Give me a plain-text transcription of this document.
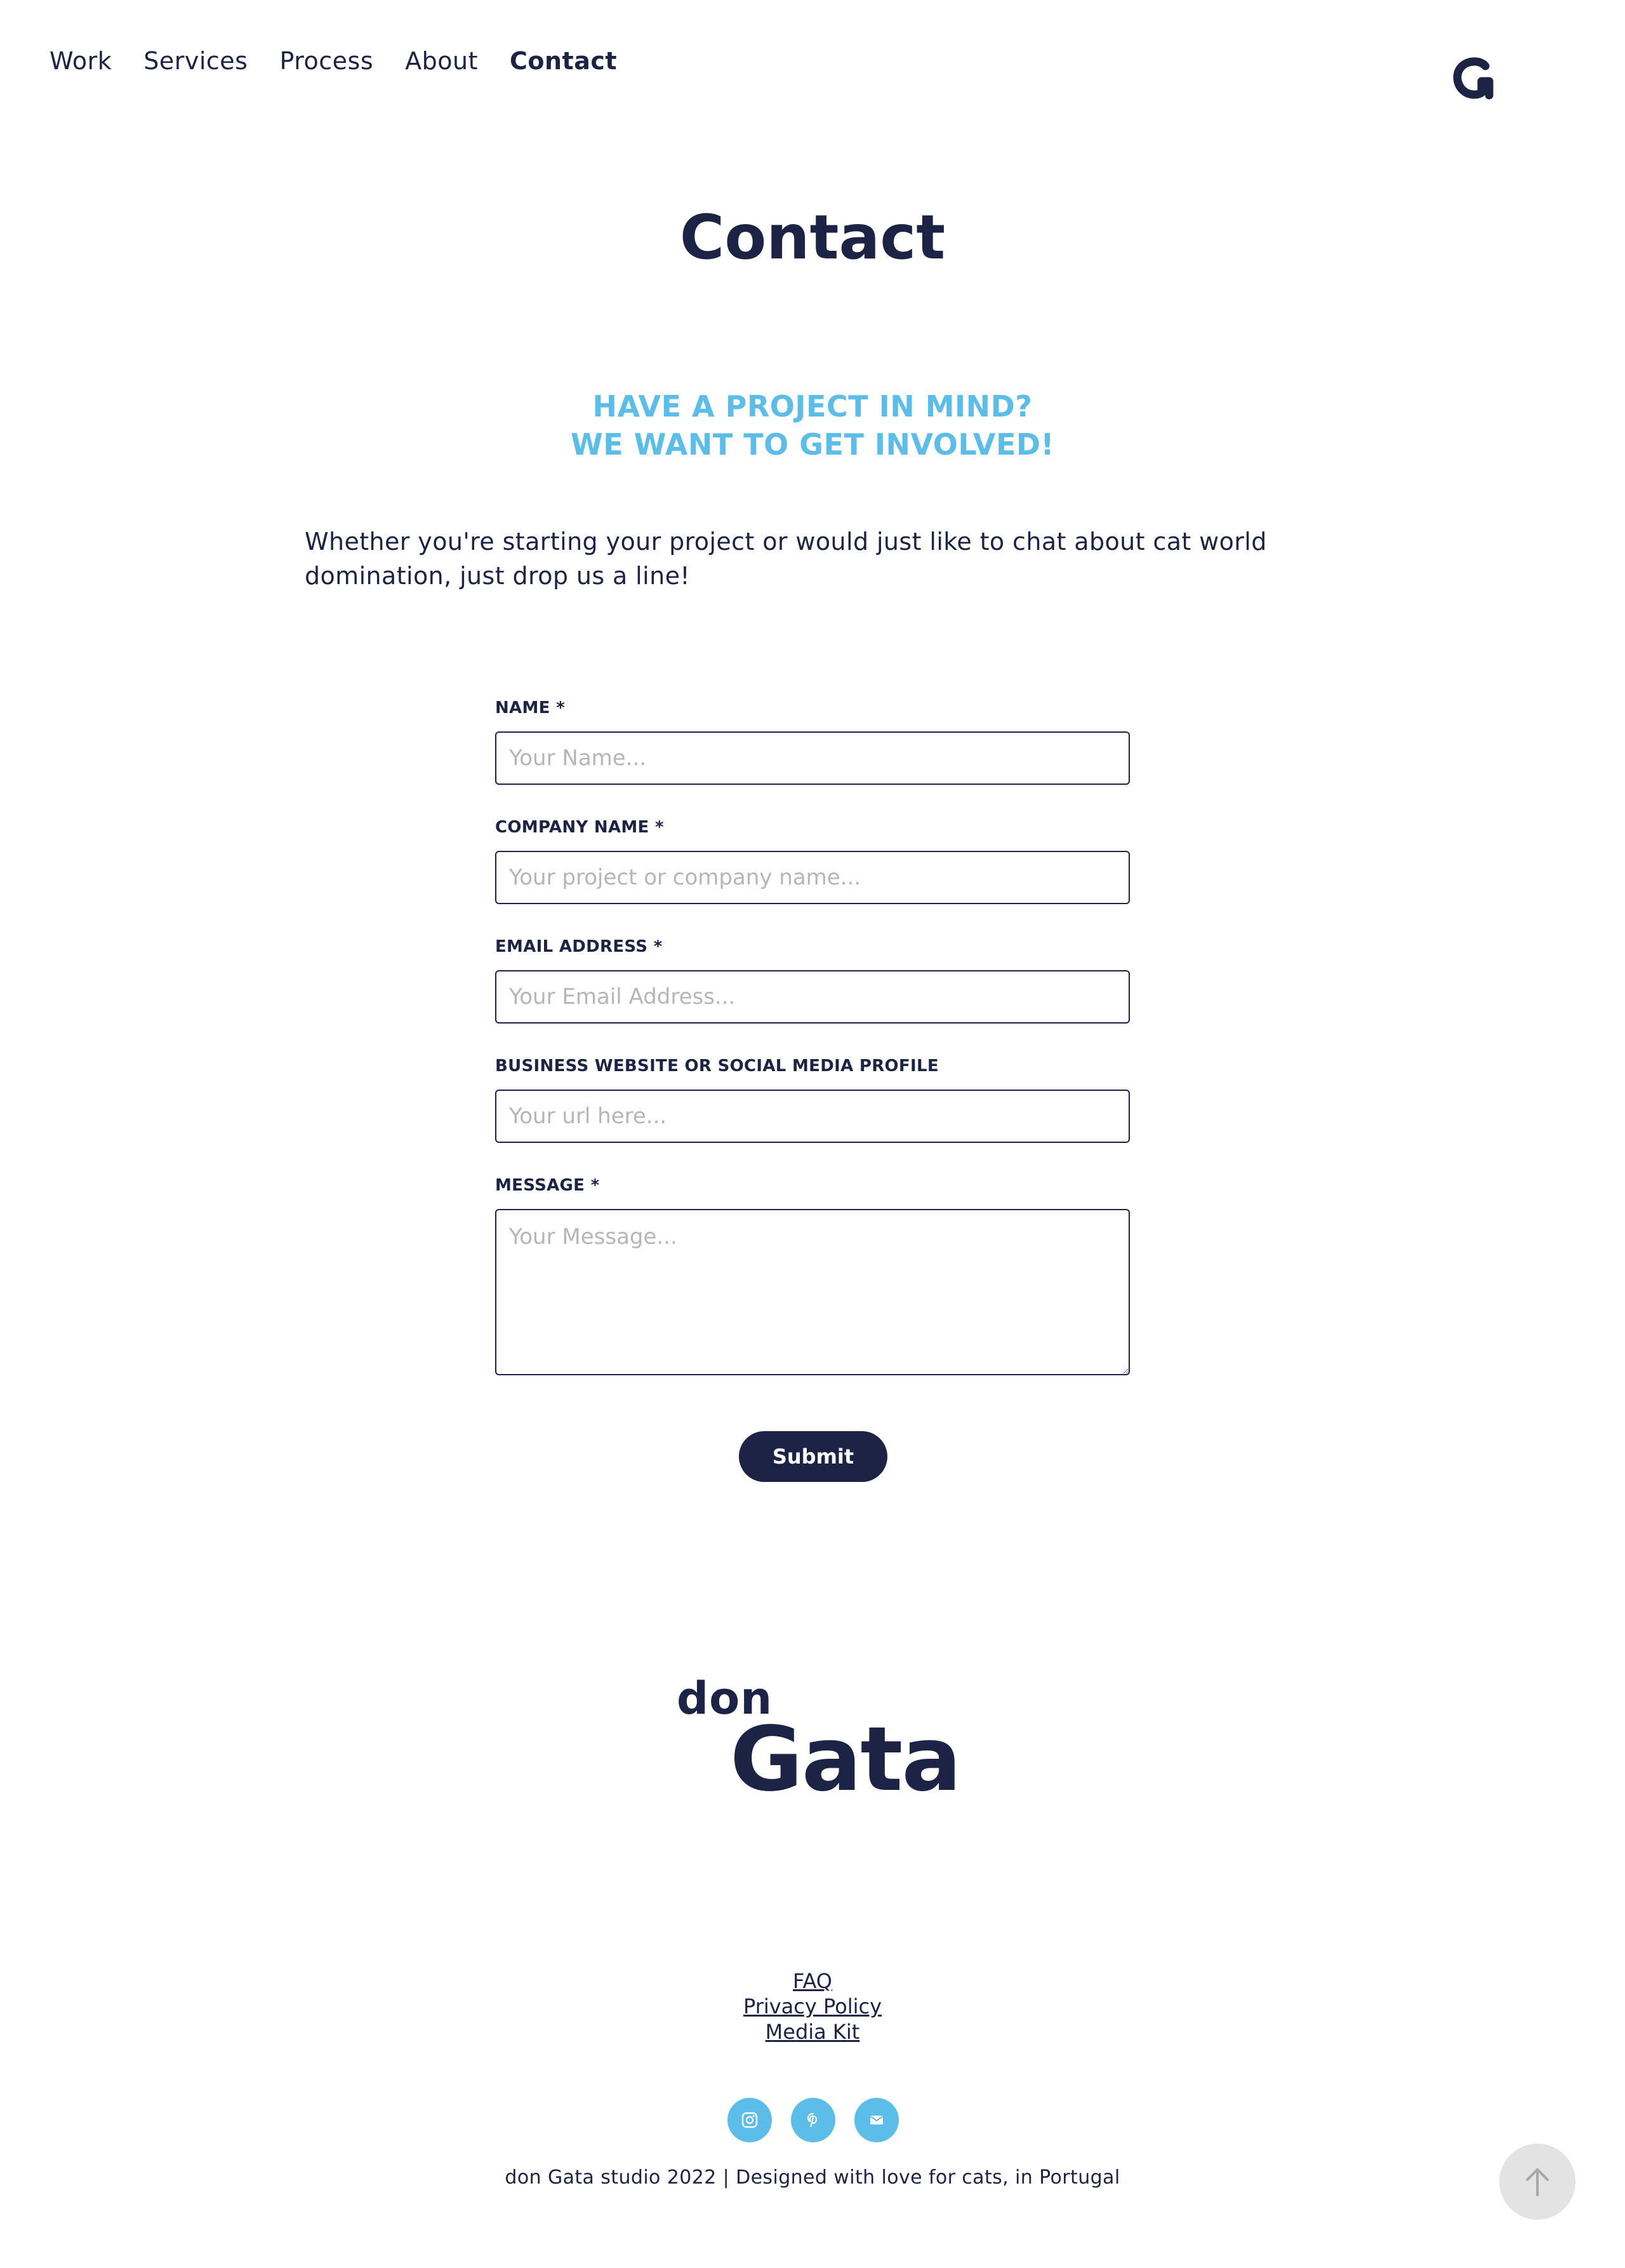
Work Services Process About Contact
Contact
HAVE A PROJECT IN MIND?
WE WANT TO GET INVOLVED!

Whether you're starting your project or would just like to chat about cat world domination, just drop us a line!

NAME *
Your Name...
COMPANY NAME *
Your project or company name...
EMAIL ADDRESS *
Your Email Address...
BUSINESS WEBSITE OR SOCIAL MEDIA PROFILE
Your url here...
MESSAGE *
Your Message...
Submit
don
Gata
FAQ
Privacy Policy
Media Kit
don Gata studio 2022 | Designed with love for cats, in Portugal
